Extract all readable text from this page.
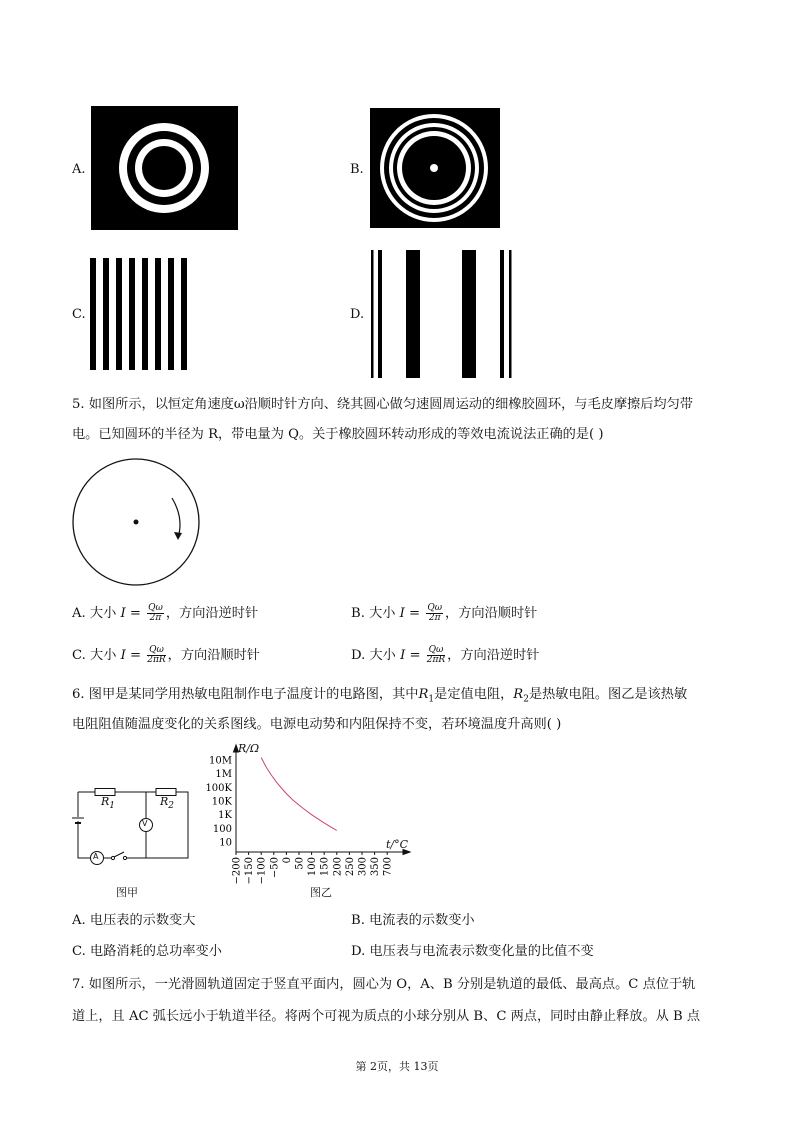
A.	B.
C.	D.
5. 如图所示，以恒定角速度ω沿顺时针方向、绕其圆心做匀速圆周运动的细橡胶圆环，与毛皮摩擦后均匀带
电。已知圆环的半径为 R，带电量为 Q。关于橡胶圆环转动形成的等效电流说法正确的是( )
A. 大小 $I = \frac{Q\omega}{2\pi}$ ，方向沿逆时针	B. 大小 $I = \frac{Q\omega}{2\pi}$ ，方向沿顺时针
C. 大小 $I = \frac{Q\omega}{2\pi R}$ ，方向沿顺时针	D. 大小 $I = \frac{Q\omega}{2\pi R}$ ，方向沿逆时针
6. 图甲是某同学用热敏电阻制作电子温度计的电路图，其中$R_1$是定值电阻，$R_2$是热敏电阻。图乙是该热敏
电阻阻值随温度变化的关系图线。电源电动势和内阻保持不变，若环境温度升高则( )
$R_1$	$R_2$
V
A
图甲
10M
1M
100K
10K
1K
100
10
−200 −150 −100 −50 0 50 100 150 200 250 300 350 700
R/Ω
t/°C
图乙
A. 电压表的示数变大	B. 电流表的示数变小
C. 电路消耗的总功率变小	D. 电压表与电流表示数变化量的比值不变
7. 如图所示，一光滑圆轨道固定于竖直平面内，圆心为 O，A、B 分别是轨道的最低、最高点。C 点位于轨
道上，且 AC 弧长远小于轨道半径。将两个可视为质点的小球分别从 B、C 两点，同时由静止释放。从 B 点
第 2页，共 13页
